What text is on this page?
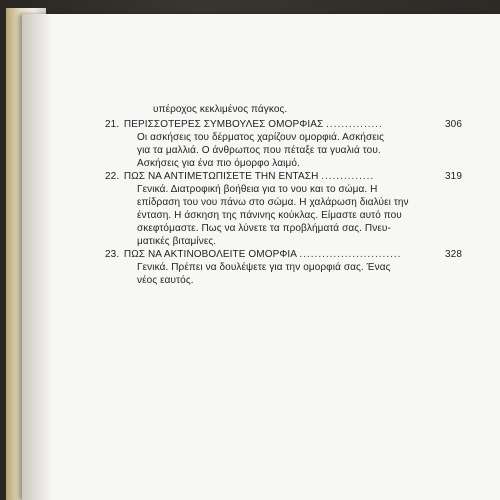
υπέροχος κεκλιμένος πάγκος.
21. ΠΕΡΙΣΣΟΤΕΡΕΣ ΣΥΜΒΟΥΛΕΣ ΟΜΟΡΦΙΑΣ ...............	306
Οι ασκήσεις του δέρματος χαρίζουν ομορφιά. Ασκήσεις
για τα μαλλιά. Ο άνθρωπος που πέταξε τα γυαλιά του.
Ασκήσεις για ένα πιο όμορφο λαιμό.
22. ΠΩΣ ΝΑ ΑΝΤΙΜΕΤΩΠΙΣΕΤΕ ΤΗΝ ΕΝΤΑΣΗ ..............	319
Γενικά. Διατροφική βοήθεια για το νου και το σώμα. Η
επίδραση του νου πάνω στο σώμα. Η χαλάρωση διαλύει την
ένταση. Η άσκηση της πάνινης κούκλας. Είμαστε αυτό που
σκεφτόμαστε. Πως να λύνετε τα προβλήματά σας. Πνευ-
ματικές βιταμίνες.
23. ΠΩΣ ΝΑ ΑΚΤΙΝΟΒΟΛΕΙΤΕ ΟΜΟΡΦΙΑ ...........................	328
Γενικά. Πρέπει να δουλέψετε για την ομορφιά σας. Ένας
νέος εαυτός.
